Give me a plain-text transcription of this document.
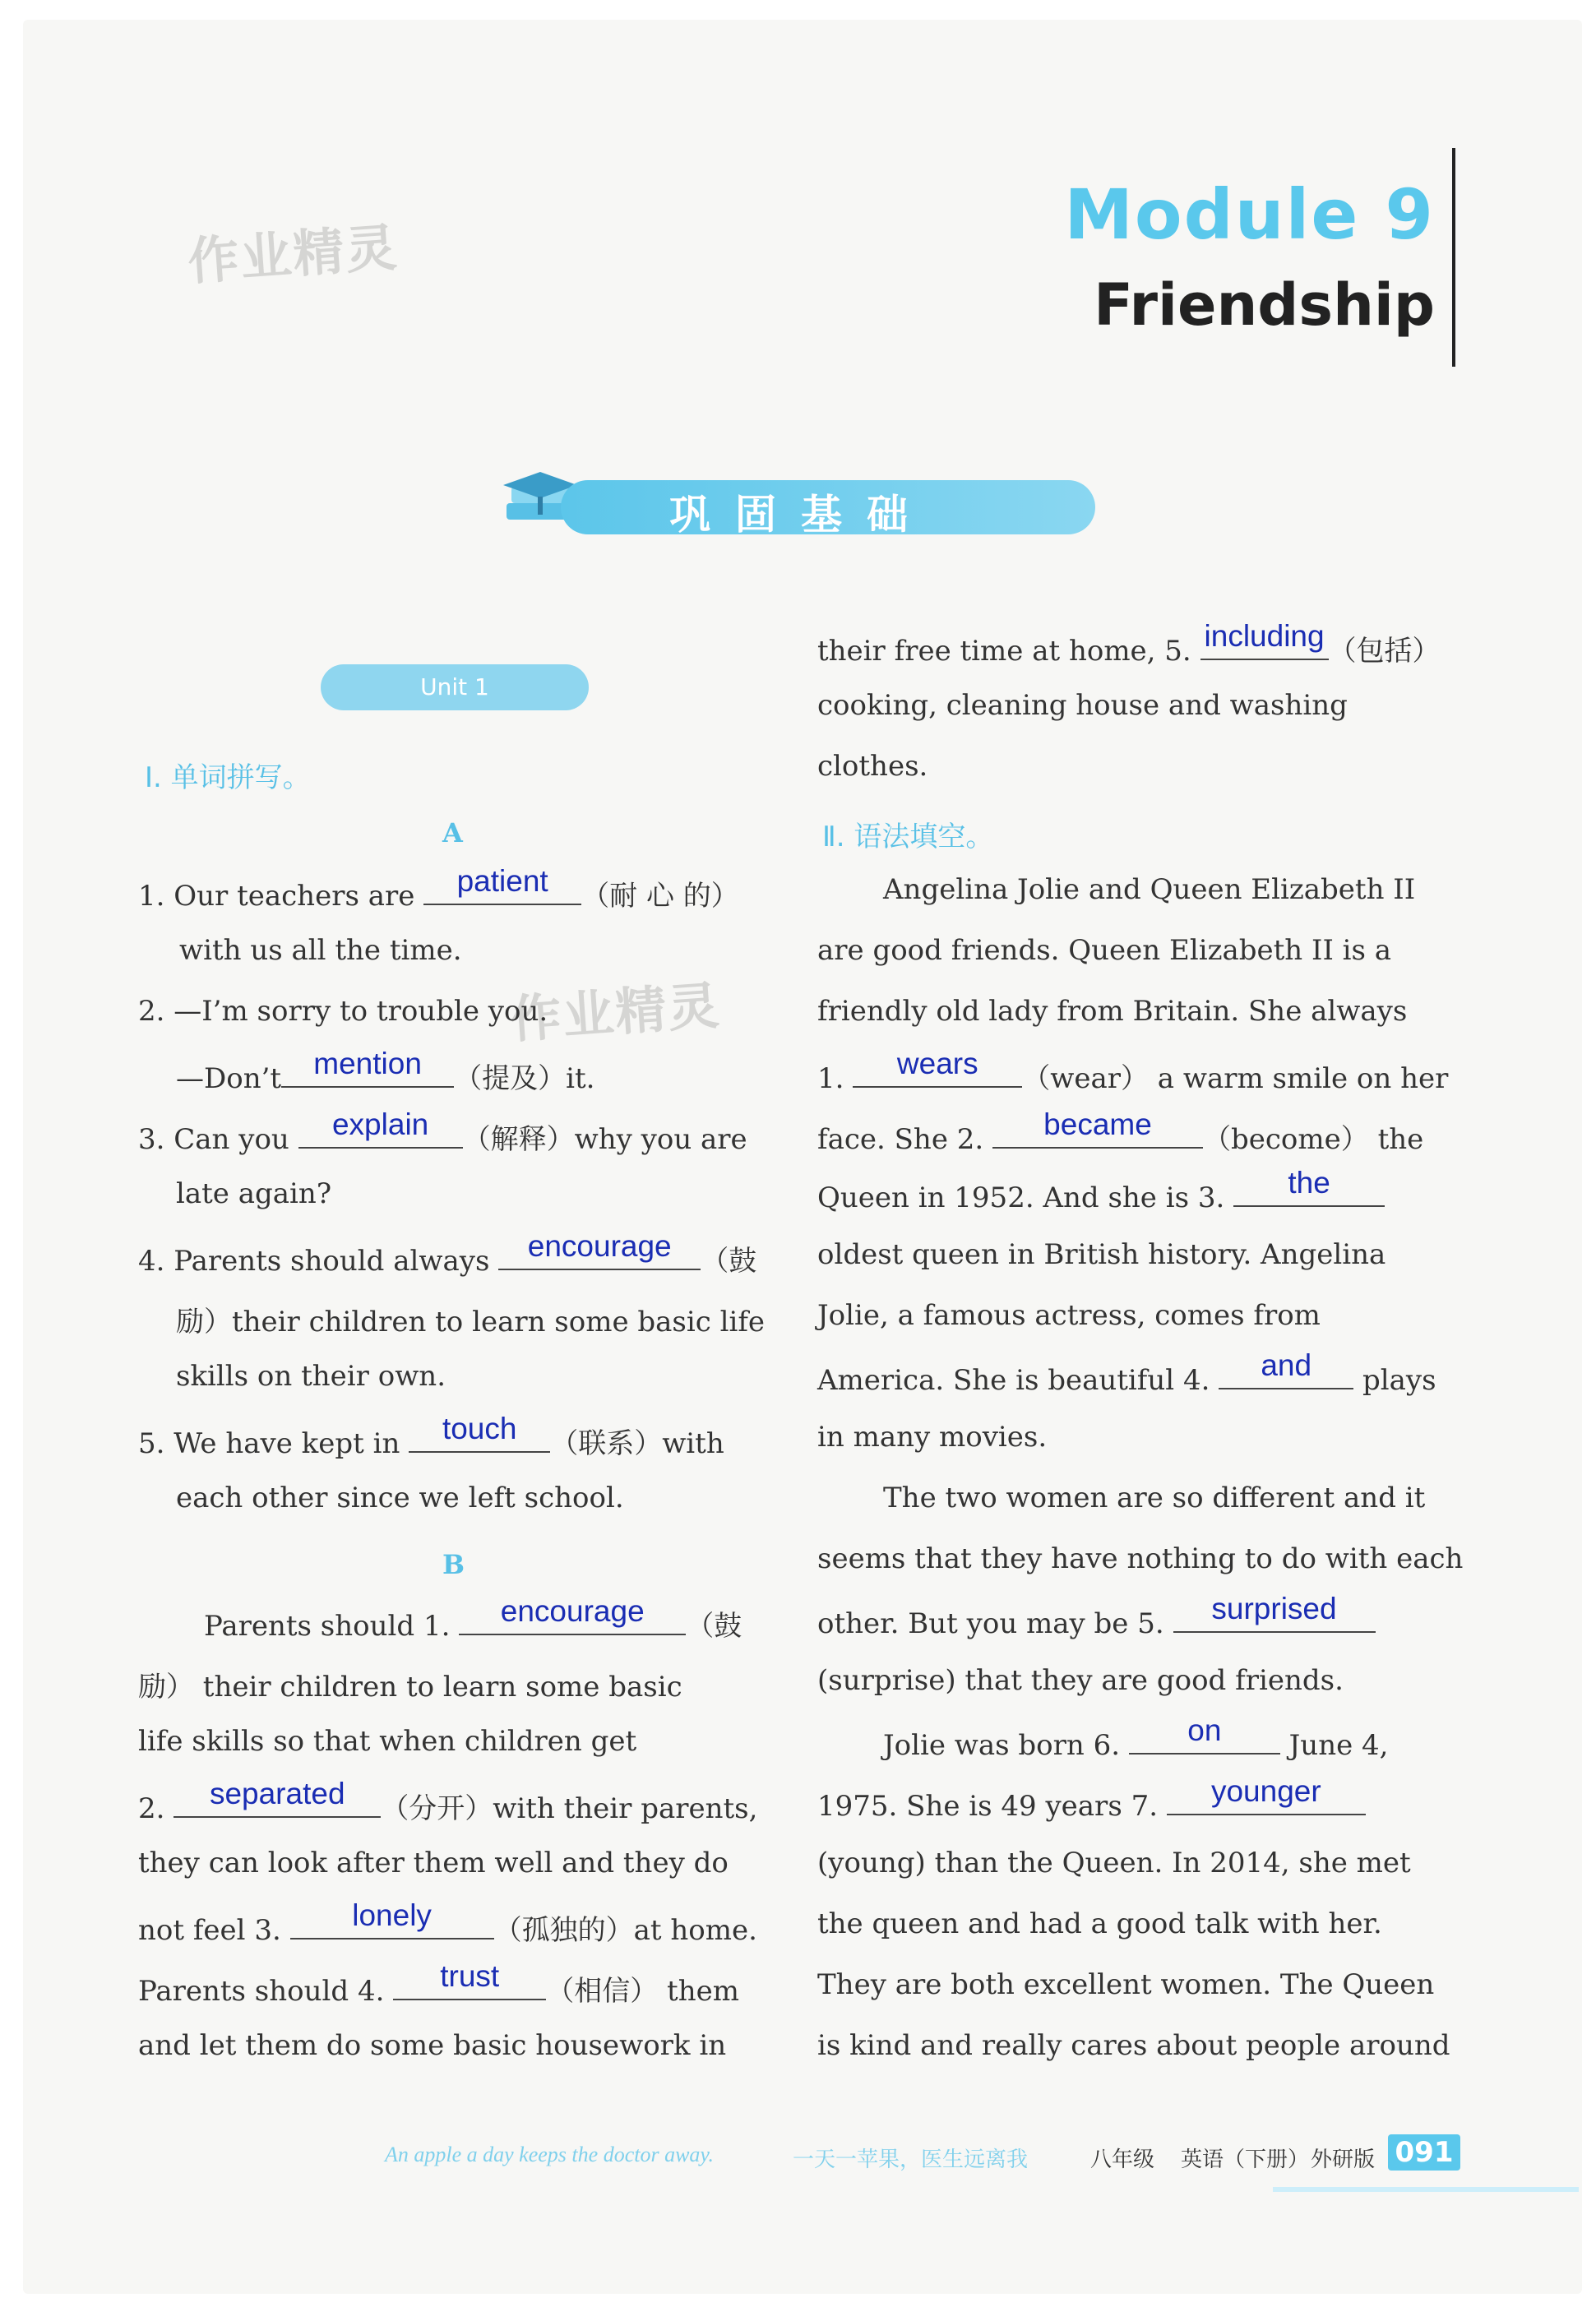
作业精灵
作业精灵
Module 9
Friendship
巩固基础
Unit 1
Ⅰ. 单词拼写。
A
1. Our teachers are	patient	（耐 心 的）
with us all the time.
2. —I’m sorry to trouble you.
—Don’t	mention	（提及）it.
3. Can you	explain	（解释）why you are
late again?
4. Parents should always encourage	（鼓
励）their children to learn some basic life
skills on their own.
5. We have kept in	touch	（联系）with
each other since we left school.
B
Parents should 1.	encourage	（鼓
励） their children to learn some basic
life skills so that when children get
2.	separated	（分开）with their parents,
they can look after them well and they do
not feel 3.	lonely	（孤独的）at home.
Parents should 4.	trust	（相信） them
and let them do some basic housework in
their free time at home, 5. including （包括）
cooking, cleaning house and washing
clothes.
Ⅱ. 语法填空。
Angelina Jolie and Queen Elizabeth II
are good friends. Queen Elizabeth II is a
friendly old lady from Britain. She always
1.	wears	（wear） a warm smile on her
face. She 2.	became	（become） the
Queen in 1952. And she is 3.	the
oldest queen in British history. Angelina
Jolie, a famous actress, comes from
America. She is beautiful 4.	and	plays
in many movies.
The two women are so different and it
seems that they have nothing to do with each
other. But you may be 5.	surprised
(surprise) that they are good friends.
Jolie was born 6.	on	June 4,
1975. She is 49 years 7.	younger
(young) than the Queen. In 2014, she met
the queen and had a good talk with her.
They are both excellent women. The Queen
is kind and really cares about people around
An apple a day keeps the doctor away.	一天一苹果，医生远离我	八年级 英语（下册） 外研版 091
